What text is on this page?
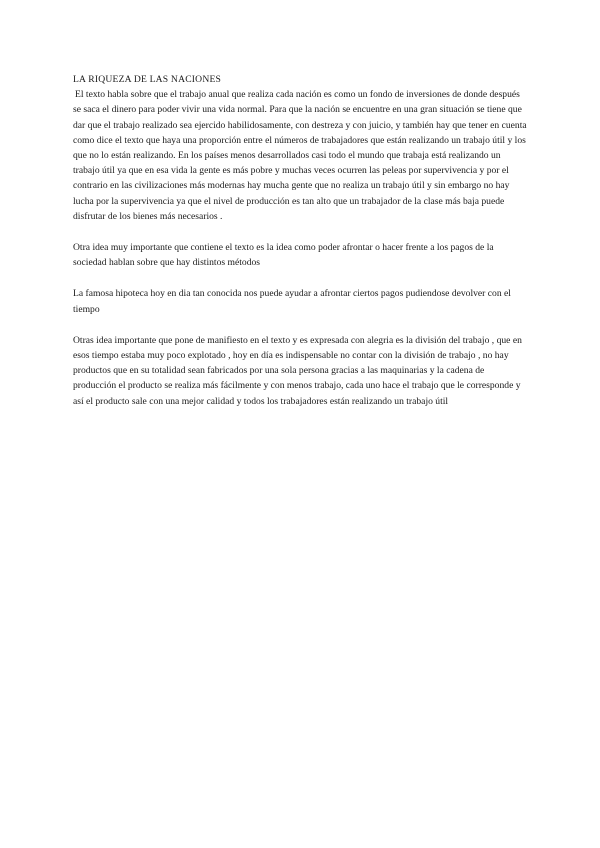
LA RIQUEZA DE LAS NACIONES

El texto habla sobre que el trabajo anual que realiza cada nación es como un fondo de inversiones de donde después se saca el dinero para poder vivir una vida normal. Para que la nación se encuentre en una gran situación se tiene que dar que el trabajo realizado sea ejercido habilidosamente, con destreza y con juicio, y también hay que tener en cuenta como dice el texto que haya una proporción entre el números de trabajadores que están realizando un trabajo útil y los que no lo están realizando. En los países menos desarrollados casi todo el mundo que trabaja está realizando un trabajo útil ya que en esa vida la gente es más pobre y muchas veces ocurren las peleas por supervivencia y por el contrario en las civilizaciones más modernas hay mucha gente que no realiza un trabajo útil y sin embargo no hay lucha por la supervivencia ya que el nivel de producción es tan alto que un trabajador de la clase más baja puede disfrutar de los bienes más necesarios .

Otra idea muy importante que contiene el texto es la idea como poder afrontar o hacer frente a los pagos de la sociedad hablan sobre que hay distintos métodos

La famosa hipoteca hoy en dia tan conocida nos puede ayudar a afrontar ciertos pagos pudiendose devolver con el tiempo

Otras idea importante que pone de manifiesto en el texto y es expresada con alegria es la división del trabajo , que en esos tiempo estaba muy poco explotado , hoy en día es indispensable no contar con la división de trabajo , no hay productos que en su totalidad sean fabricados por una sola persona gracias a las maquinarias y la cadena de producción el producto se realiza más fácilmente y con menos trabajo, cada uno hace el trabajo que le corresponde y así el producto sale con una mejor calidad y todos los trabajadores están realizando un trabajo útil
